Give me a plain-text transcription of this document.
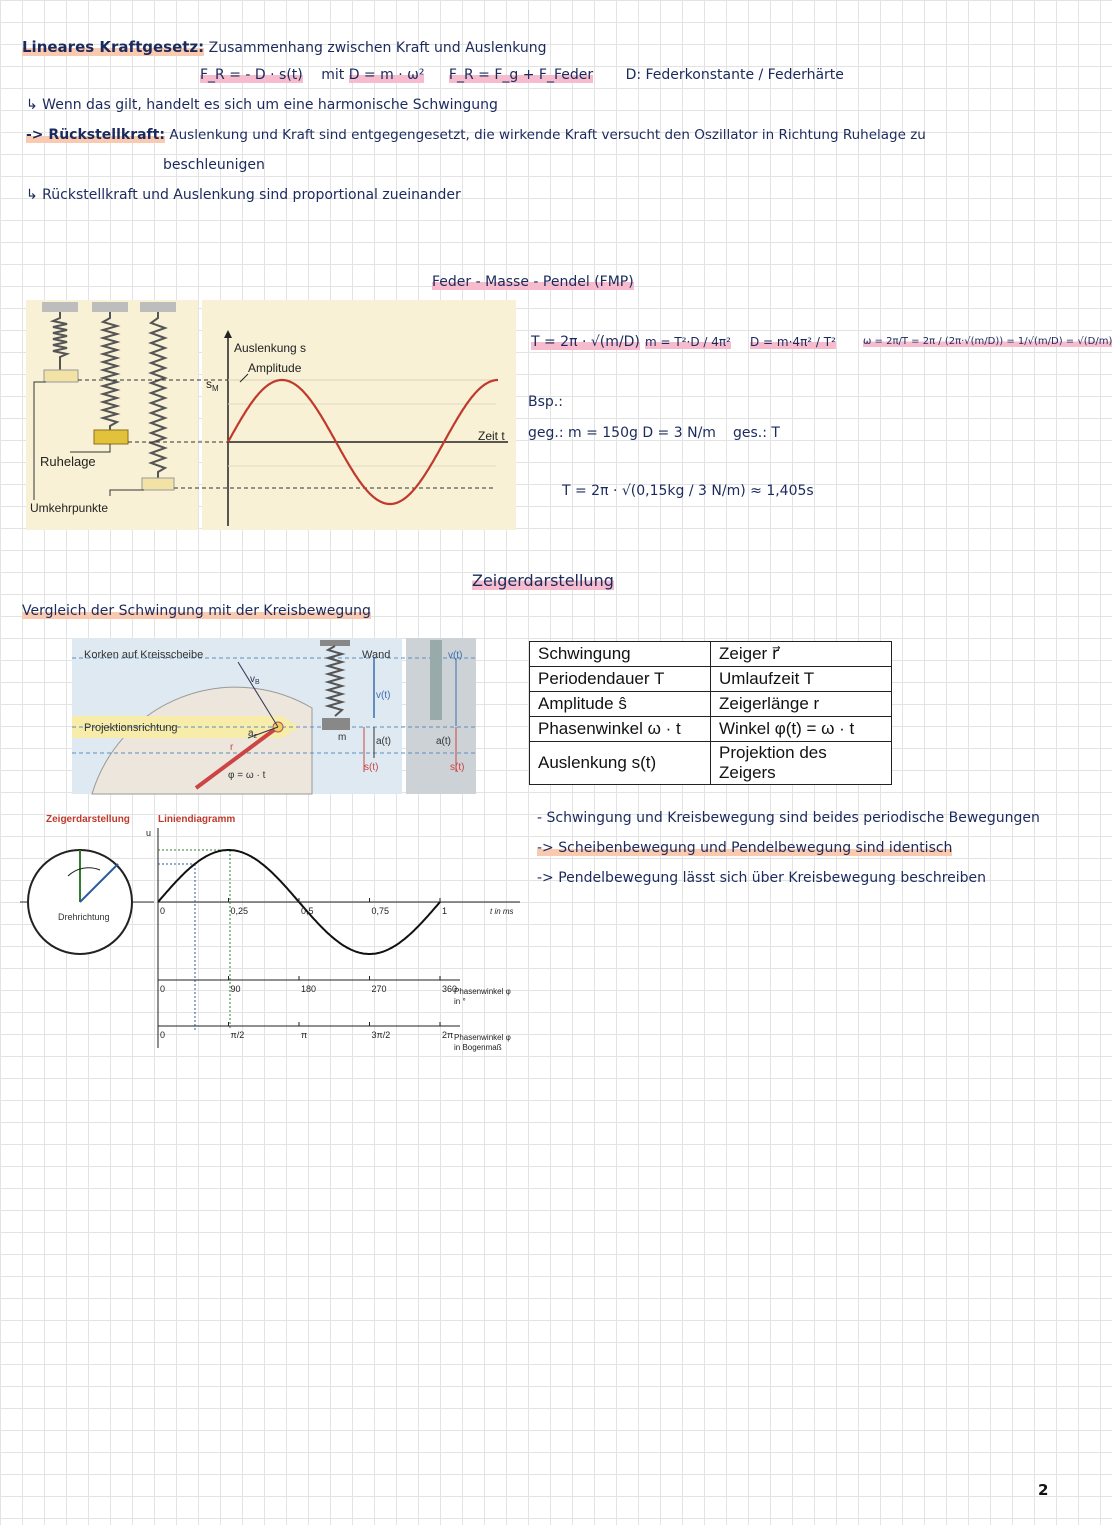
Lineares Kraftgesetz: Zusammenhang zwischen Kraft und Auslenkung
F_R = - D · s(t) mit D = m · ω² F_R = F_g + F_Feder D: Federkonstante / Federhärte
↳ Wenn das gilt, handelt es sich um eine harmonische Schwingung
-> Rückstellkraft: Auslenkung und Kraft sind entgegengesetzt, die wirkende Kraft versucht den Oszillator in Richtung Ruhelage zu
beschleunigen
↳ Rückstellkraft und Auslenkung sind proportional zueinander
Feder - Masse - Pendel (FMP)
Ruhelage
Umkehrpunkte
Auslenkung s
Amplitude
$s_M$
Zeit t
T = 2π · √(m/D) m = T²·D / 4π² D = m·4π² / T²	ω = 2π/T = 2π / (2π·√(m/D)) = 1/√(m/D) = √(D/m)
Bsp.:
geg.: m = 150g D = 3 N/m ges.: T
T = 2π · √(0,15kg / 3 N/m) ≈ 1,405s
Zeigerdarstellung
Vergleich der Schwingung mit der Kreisbewegung
Korken auf Kreisscheibe	Wand
Projektionsrichtung
$v_B$
$a_z$
r
φ = ω · t
v(t)
a(t)
s(t)
m
v(t)
a(t)
s(t)
Schwingung	Zeiger r⃗
Periodendauer T	Umlaufzeit T
Amplitude ŝ	Zeigerlänge r
Phasenwinkel ω · t	Winkel φ(t) = ω · t
Auslenkung s(t)	Projektion des Zeigers
- Schwingung und Kreisbewegung sind beides periodische Bewegungen
-> Scheibenbewegung und Pendelbewegung sind identisch
-> Pendelbewegung lässt sich über Kreisbewegung beschreiben
Zeigerdarstellung	Liniendiagramm
Drehrichtung
u
0	0,25	0,5	0,75	1	t in ms
0	90	180	270	360
Phasenwinkel φ
in °
0	π/2	π	3π/2	2π Phasenwinkel φ
in Bogenmaß
2
